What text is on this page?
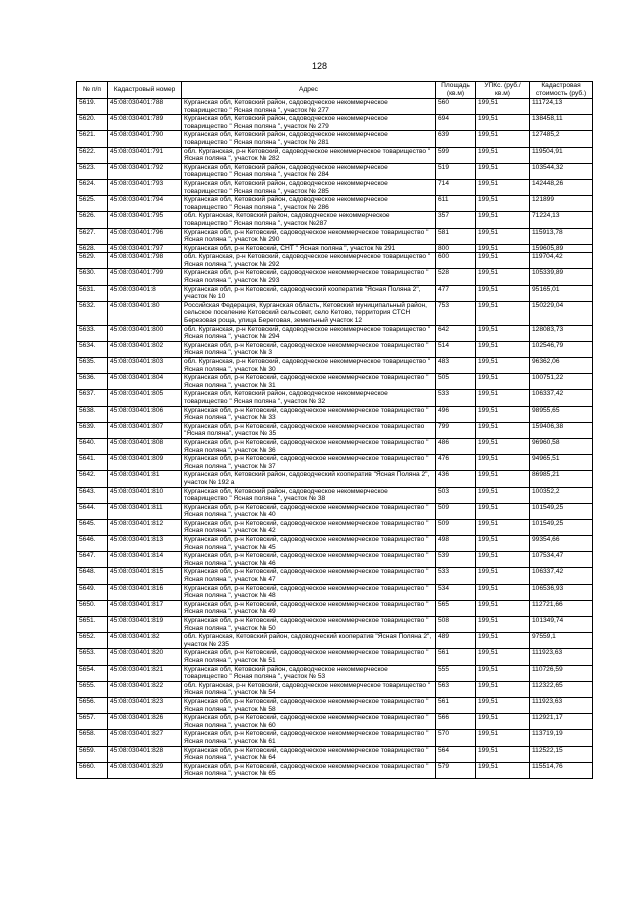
128
№ п/п	Кадастровый номер	Адрес	Площадь (кв.м)	УПКс. (руб./кв.м)	Кадастровая стоимость (руб.)
5619.	45:08:030401:788	Курганская обл, Кетовский район, садоводческое некоммерческое товарищество " Ясная поляна ", участок № 277	560	199,51	111724,13
5620.	45:08:030401:789	Курганская обл, Кетовский район, садоводческое некоммерческое товарищество " Ясная поляна ", участок № 279	694	199,51	138458,11
5621.	45:08:030401:790	Курганская обл, Кетовский район, садоводческое некоммерческое товарищество " Ясная поляна ", участок № 281	639	199,51	127485,2
5622.	45:08:030401:791	обл. Курганская, р-н Кетовский, садоводческое некоммерческое товарищество " Ясная поляна ", участок № 282	599	199,51	119504,91
5623.	45:08:030401:792	Курганская обл, Кетовский район, садоводческое некоммерческое товарищество " Ясная поляна ", участок № 284	519	199,51	103544,32
5624.	45:08:030401:793	Курганская обл, Кетовский район, садоводческое некоммерческое товарищество " Ясная поляна ", участок № 285	714	199,51	142448,26
5625.	45:08:030401:794	Курганская обл, Кетовский район, садоводческое некоммерческое товарищество " Ясная поляна ", участок № 286	611	199,51	121899
5626.	45:08:030401:795	обл. Курганская, Кетовский район, садоводческое некоммерческое товарищество " Ясная поляна ", участок №287	357	199,51	71224,13
5627.	45:08:030401:796	Курганская обл, р-н Кетовский, садоводческое некоммерческое товарищество " Ясная поляна ", участок № 290	581	199,51	115913,78
5628.	45:08:030401:797	Курганская обл, р-н Кетовский, СНТ " Ясная поляна ", участок № 291	800	199,51	159605,89
5629.	45:08:030401:798	обл. Курганская, р-н Кетовский, садоводческое некоммерческое товарищество " Ясная поляна ", участок № 292	600	199,51	119704,42
5630.	45:08:030401:799	Курганская обл, р-н Кетовский, садоводческое некоммерческое товарищество " Ясная поляна ", участок № 293	528	199,51	105339,89
5631.	45:08:030401:8	Курганская обл, р-н Кетовский, садоводческий кооператив "Ясная Поляна 2", участок № 10	477	199,51	95165,01
5632.	45:08:030401:80	Российская Федерация, Курганская область, Кетовский муниципальный район, сельское поселение Кетовский сельсовет, село Кетово, территория СТСН Березовая роща, улица Береговая, земельный участок 12	753	199,51	150229,04
5633.	45:08:030401:800	обл. Курганская, р-н Кетовский, садоводческое некоммерческое товарищество " Ясная поляна ", участок № 294	642	199,51	128083,73
5634.	45:08:030401:802	Курганская обл, р-н Кетовский, садоводческое некоммерческое товарищество " Ясная поляна ", участок № 3	514	199,51	102546,79
5635.	45:08:030401:803	обл. Курганская, р-н Кетовский, садоводческое некоммерческое товарищество " Ясная поляна ", участок № 30	483	199,51	96362,06
5636.	45:08:030401:804	Курганская обл, р-н Кетовский, садоводческое некоммерческое товарищество " Ясная поляна ", участок № 31	505	199,51	100751,22
5637.	45:08:030401:805	Курганская обл, Кетовский район, садоводческое некоммерческое товарищество " Ясная поляна ", участок № 32	533	199,51	106337,42
5638.	45:08:030401:806	Курганская обл, р-н Кетовский, садоводческое некоммерческое товарищество " Ясная поляна ", участок № 33	496	199,51	98955,65
5639.	45:08:030401:807	Курганская обл, р-н Кетовский, садоводческое некоммерческое товарищество "Ясная поляна", участок № 35	799	199,51	159406,38
5640.	45:08:030401:808	Курганская обл, р-н Кетовский, садоводческое некоммерческое товарищество " Ясная поляна ", участок № 36	486	199,51	96960,58
5641.	45:08:030401:809	Курганская обл, р-н Кетовский, садоводческое некоммерческое товарищество " Ясная поляна ", участок № 37	476	199,51	94965,51
5642.	45:08:030401:81	Курганская обл, Кетовский район, садоводческий кооператив "Ясная Поляна 2", участок № 192 а	436	199,51	86985,21
5643.	45:08:030401:810	Курганская обл, Кетовский район, садоводческое некоммерческое товарищество " Ясная поляна ", участок № 38	503	199,51	100352,2
5644.	45:08:030401:811	Курганская обл, р-н Кетовский, садоводческое некоммерческое товарищество " Ясная поляна ", участок № 40	509	199,51	101549,25
5645.	45:08:030401:812	Курганская обл, р-н Кетовский, садоводческое некоммерческое товарищество " Ясная поляна ", участок № 42	509	199,51	101549,25
5646.	45:08:030401:813	Курганская обл, р-н Кетовский, садоводческое некоммерческое товарищество " Ясная поляна ", участок № 45	498	199,51	99354,66
5647.	45:08:030401:814	Курганская обл, р-н Кетовский, садоводческое некоммерческое товарищество " Ясная поляна ", участок № 46	539	199,51	107534,47
5648.	45:08:030401:815	Курганская обл, р-н Кетовский, садоводческое некоммерческое товарищество " Ясная поляна ", участок № 47	533	199,51	106337,42
5649.	45:08:030401:816	Курганская обл, р-н Кетовский, садоводческое некоммерческое товарищество " Ясная поляна ", участок № 48	534	199,51	106536,93
5650.	45:08:030401:817	Курганская обл, р-н Кетовский, садоводческое некоммерческое товарищество " Ясная поляна ", участок № 49	565	199,51	112721,66
5651.	45:08:030401:819	Курганская обл, р-н Кетовский, садоводческое некоммерческое товарищество " Ясная поляна ", участок № 50	508	199,51	101349,74
5652.	45:08:030401:82	обл. Курганская, Кетовский район, садоводческий кооператив "Ясная Поляна 2", участок № 235	489	199,51	97559,1
5653.	45:08:030401:820	Курганская обл, р-н Кетовский, садоводческое некоммерческое товарищество " Ясная поляна ", участок № 51	561	199,51	111923,63
5654.	45:08:030401:821	Курганская обл, Кетовский район, садоводческое некоммерческое товарищество " Ясная поляна ", участок № 53	555	199,51	110726,59
5655.	45:08:030401:822	обл. Курганская, р-н Кетовский, садоводческое некоммерческое товарищество " Ясная поляна ", участок № 54	563	199,51	112322,65
5656.	45:08:030401:823	Курганская обл, р-н Кетовский, садоводческое некоммерческое товарищество " Ясная поляна ", участок № 58	561	199,51	111923,63
5657.	45:08:030401:826	Курганская обл, р-н Кетовский, садоводческое некоммерческое товарищество " Ясная поляна ", участок № 60	566	199,51	112921,17
5658.	45:08:030401:827	Курганская обл, р-н Кетовский, садоводческое некоммерческое товарищество " Ясная поляна ", участок № 61	570	199,51	113719,19
5659.	45:08:030401:828	Курганская обл, р-н Кетовский, садоводческое некоммерческое товарищество " Ясная поляна ", участок № 64	564	199,51	112522,15
5660.	45:08:030401:829	Курганская обл, р-н Кетовский, садоводческое некоммерческое товарищество " Ясная поляна ", участок № 65	579	199,51	115514,76
